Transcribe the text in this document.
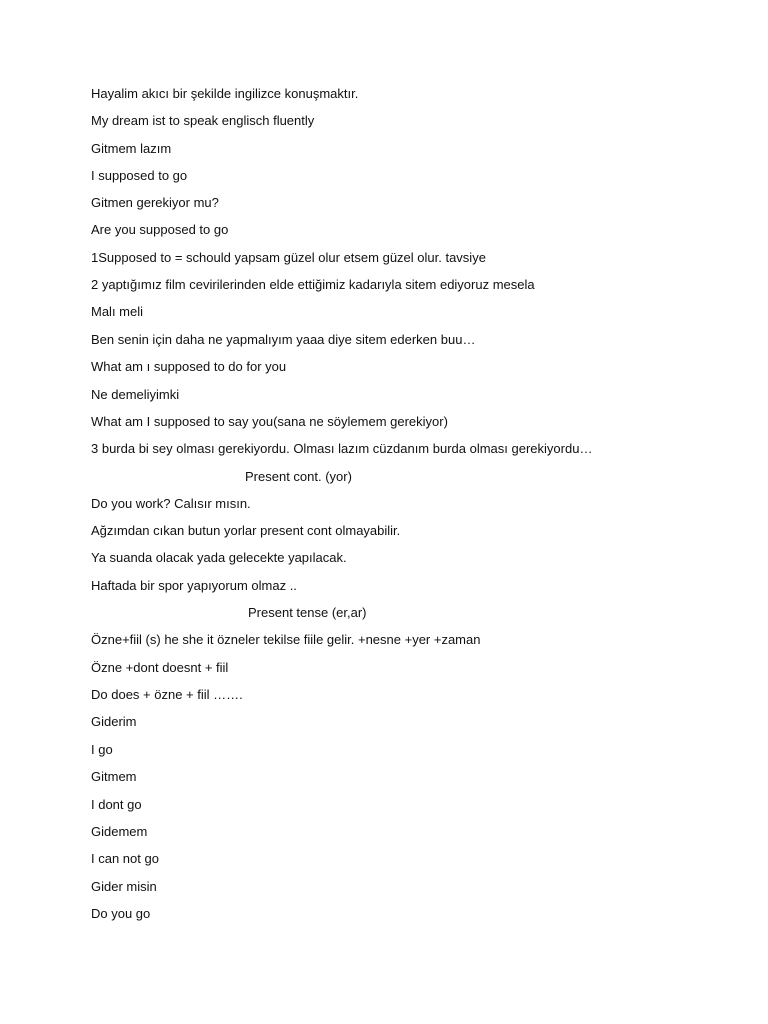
Hayalim akıcı bir şekilde ingilizce konuşmaktır.
My dream ist to speak englisch fluently
Gitmem lazım
I supposed to go
Gitmen gerekiyor mu?
Are you supposed to go
1Supposed to = schould yapsam güzel olur etsem güzel olur. tavsiye
2 yaptığımız film cevirilerinden elde ettiğimiz kadarıyla sitem ediyoruz mesela
Malı meli
Ben senin için daha ne yapmalıyım yaaa diye sitem ederken buu…
What am ı supposed to do for you
Ne demeliyimki
What am I supposed to say you(sana ne söylemem gerekiyor)
3 burda bi sey olması gerekiyordu. Olması lazım cüzdanım burda olması gerekiyordu…
Present cont. (yor)
Do you work? Calısır mısın.
Ağzımdan cıkan butun yorlar present cont olmayabilir.
Ya suanda olacak yada gelecekte yapılacak.
Haftada bir spor yapıyorum olmaz ..
Present tense (er,ar)
Özne+fiil (s) he she it özneler tekilse fiile gelir. +nesne +yer +zaman
Özne +dont doesnt + fiil
Do does + özne + fiil …….
Giderim
I go
Gitmem
I dont go
Gidemem
I can not go
Gider misin
Do you go
